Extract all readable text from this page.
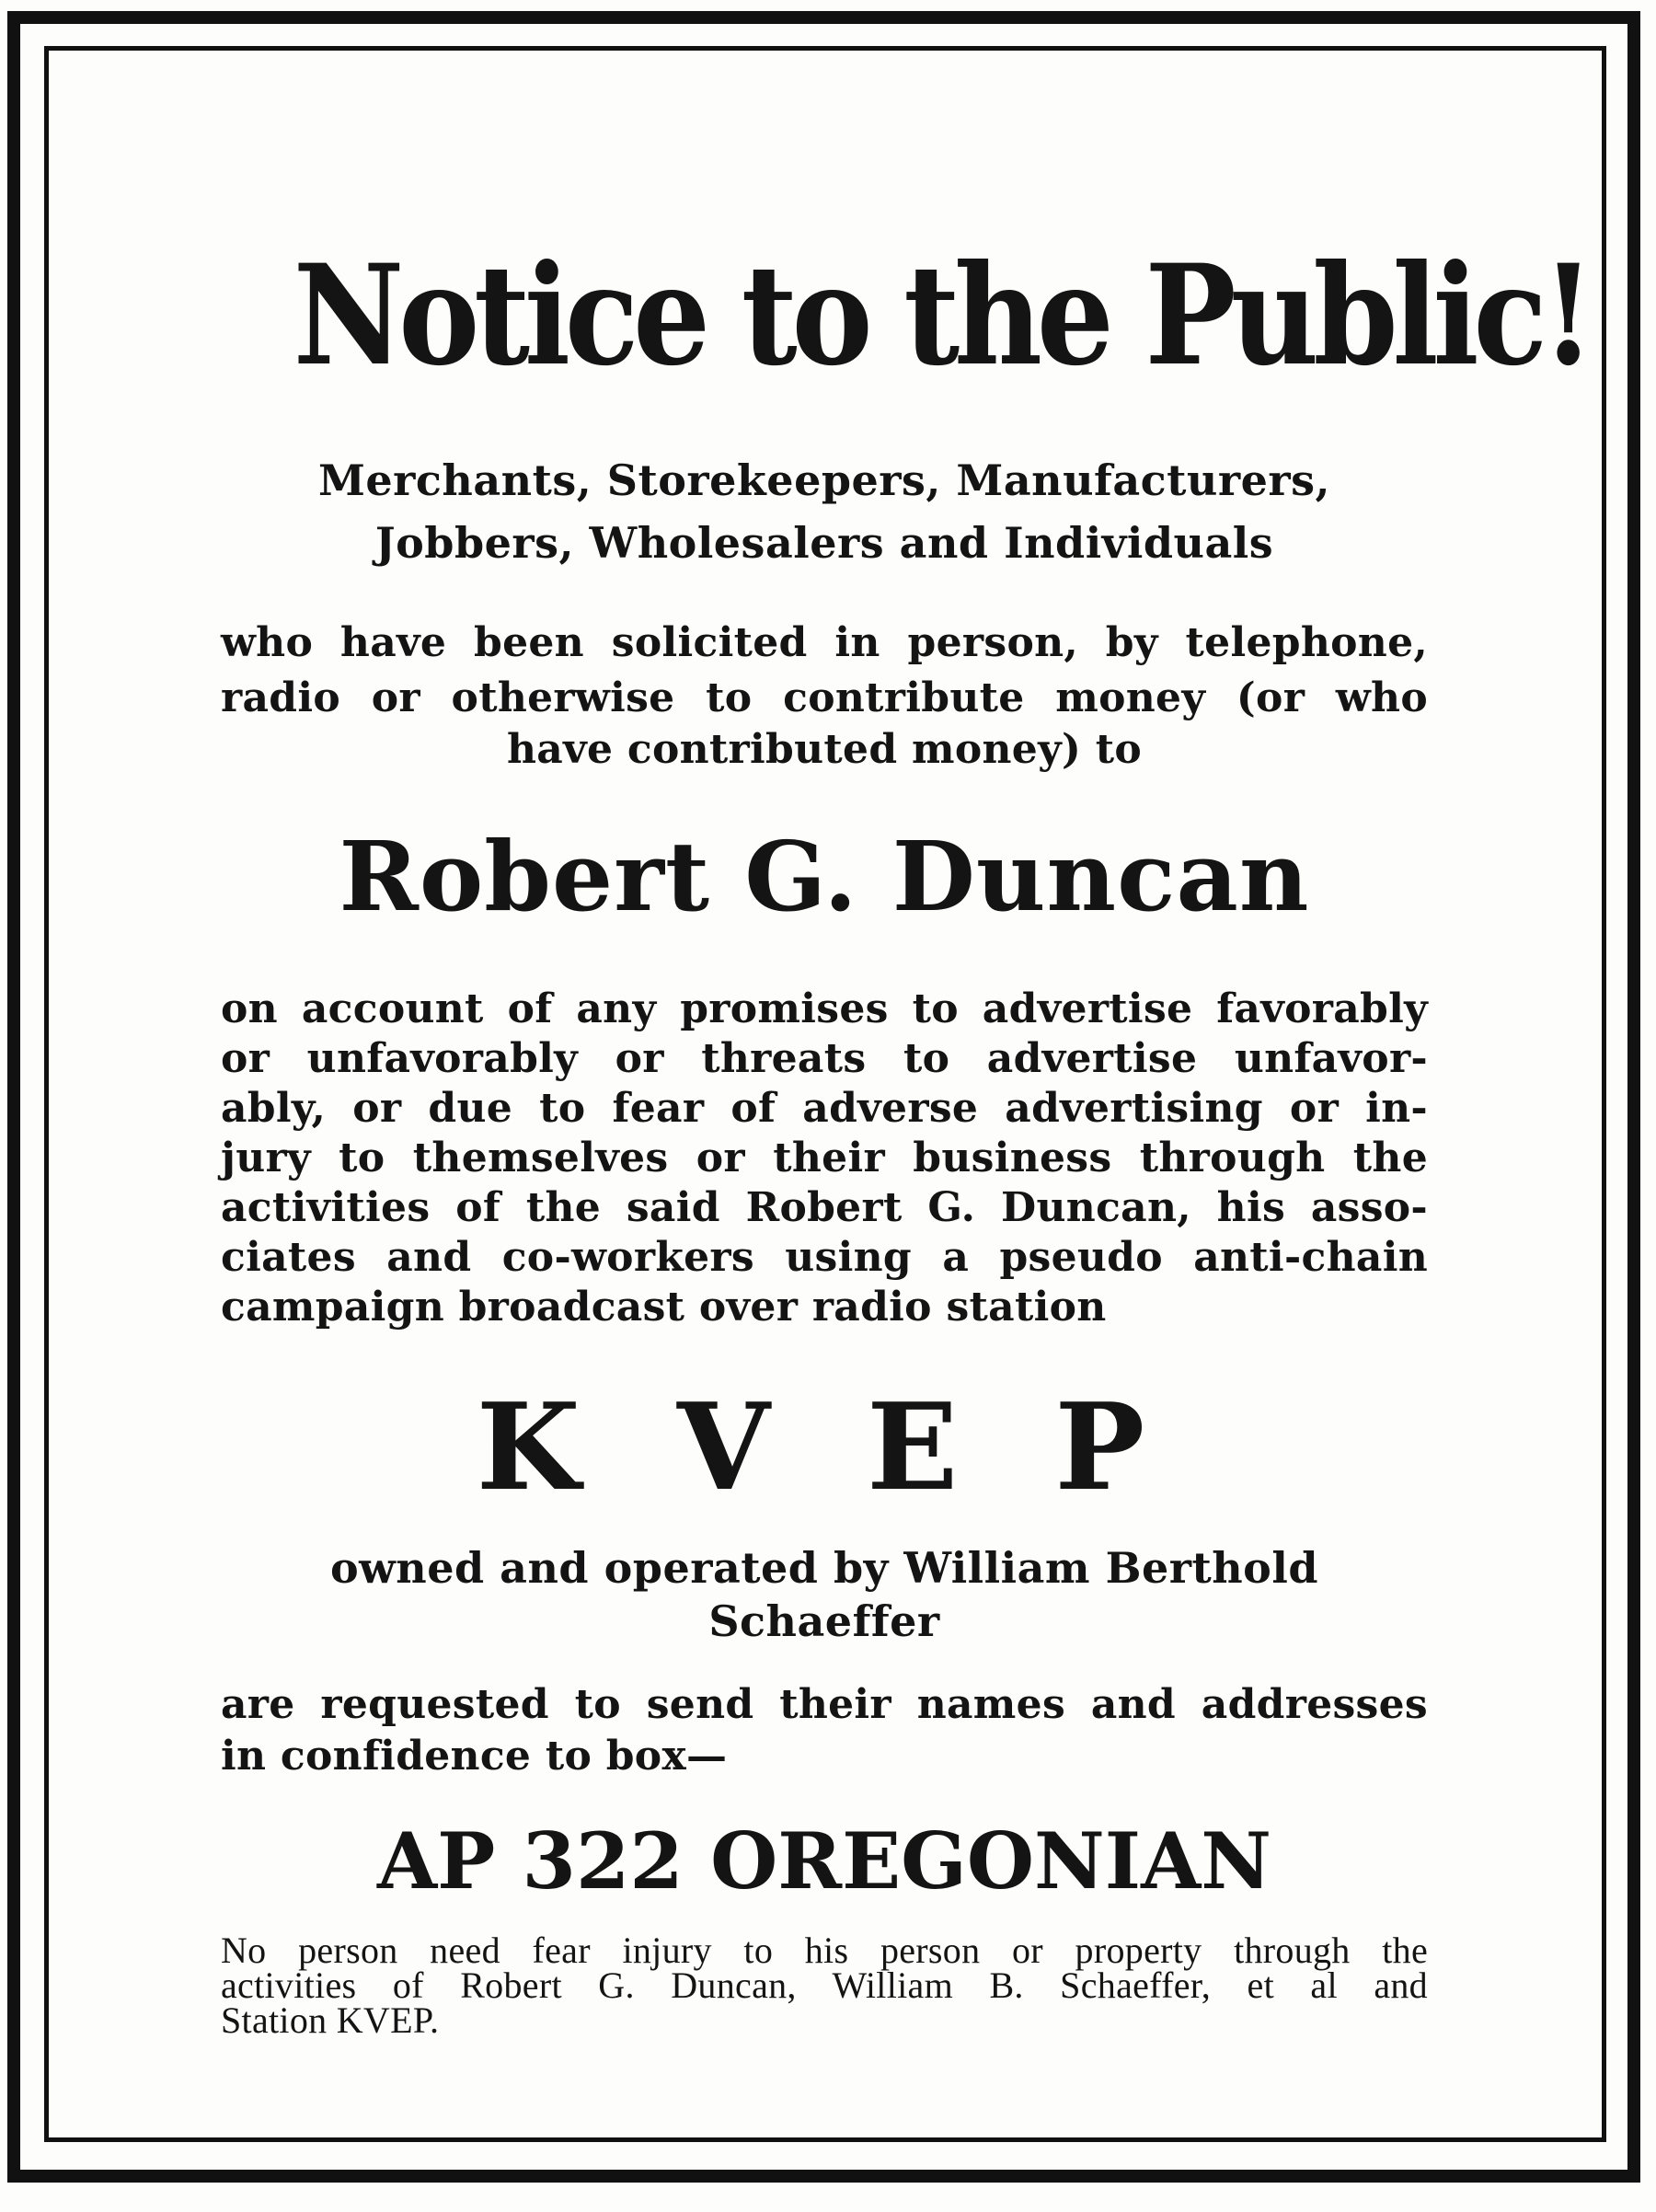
Notice to the Public!

Merchants, Storekeepers, Manufacturers,

Jobbers, Wholesalers and Individuals

who have been solicited in person, by telephone,

radio or otherwise to contribute money (or who

have contributed money) to

Robert G. Duncan

on account of any promises to advertise favorably

or unfavorably or threats to advertise unfavor-

ably, or due to fear of adverse advertising or in-

jury to themselves or their business through the

activities of the said Robert G. Duncan, his asso-

ciates and co-workers using a pseudo anti-chain

campaign broadcast over radio station

K V E P

owned and operated by William Berthold

Schaeffer

are requested to send their names and addresses

in confidence to box—

AP 322 OREGONIAN

No person need fear injury to his person or property through the

activities of Robert G. Duncan, William B. Schaeffer, et al and

Station KVEP.
